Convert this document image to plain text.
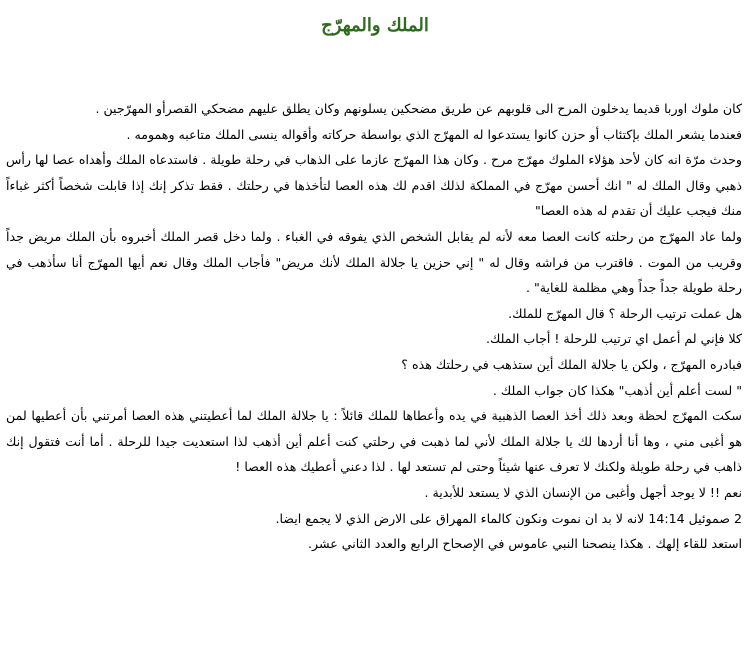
الملك والمهرّج

كان ملوك اوربا قديما يدخلون المرح الى قلوبهم عن طريق مضحكين يسلونهم وكان يطلق عليهم مضحكي القصرأو المهرّجين .

فعندما يشعر الملك بإكتئاب أو حزن كانوا يستدعوا له المهرّج الذي بواسطة حركاته وأقواله ينسى الملك متاعبه وهمومه .

وحدث مرّة انه كان لأحد هؤلاء الملوك مهرّج مرح . وكان هذا المهرّج عازما على الذهاب في رحلة طويلة . فاستدعاه الملك وأهداه عصا لها رأس ذهبي وقال الملك له " انك أحسن مهرّج في المملكة لذلك اقدم لك هذه العصا لتأخذها في رحلتك . فقط تذكر إنك إذا قابلت شخصاً أكثر غباءاً منك فيجب عليك أن تقدم له هذه العصا"

ولما عاد المهرّج من رحلته كانت العصا معه لأنه لم يقابل الشخص الذي يفوقه في الغباء . ولما دخل قصر الملك أخبروه بأن الملك مريض جداً وقريب من الموت . فاقترب من فراشه وقال له " إني حزين يا جلالة الملك لأنك مريض" فأجاب الملك وقال نعم أيها المهرّج أنا سأذهب في رحلة طويلة جداً جداً وهي مظلمة للغاية" .

هل عملت ترتيب الرحلة ؟ قال المهرّج للملك.

كلا فإني لم أعمل اي ترتيب للرحلة ! أجاب الملك.

فبادره المهرّج ، ولكن يا جلالة الملك أين ستذهب في رحلتك هذه ؟

" لست أعلم أين أذهب" هكذا كان جواب الملك .

سكت المهرّج لحظة وبعد ذلك أخذ العصا الذهبية في يده وأعطاها للملك قائلاً : يا جلالة الملك لما أعطيتني هذه العصا أمرتني بأن أعطيها لمن هو أغبى مني ، وها أنا أردها لك يا جلالة الملك لأني لما ذهبت في رحلتي كنت أعلم أين أذهب لذا استعديت جيدا للرحلة . أما أنت فتقول إنك ذاهب في رحلة طويلة ولكنك لا تعرف عنها شيئاً وحتى لم تستعد لها . لذا دعني أعطيك هذه العصا !

نعم !! لا يوجد أجهل وأغبى من الإنسان الذي لا يستعد للأبدية .

2 صموئيل 14:14 لانه لا بد ان نموت ونكون كالماء المهراق على الارض الذي لا يجمع ايضا.

استعد للقاء إلهك . هكذا ينصحنا النبي عاموس في الإصحاح الرابع والعدد الثاني عشر.
